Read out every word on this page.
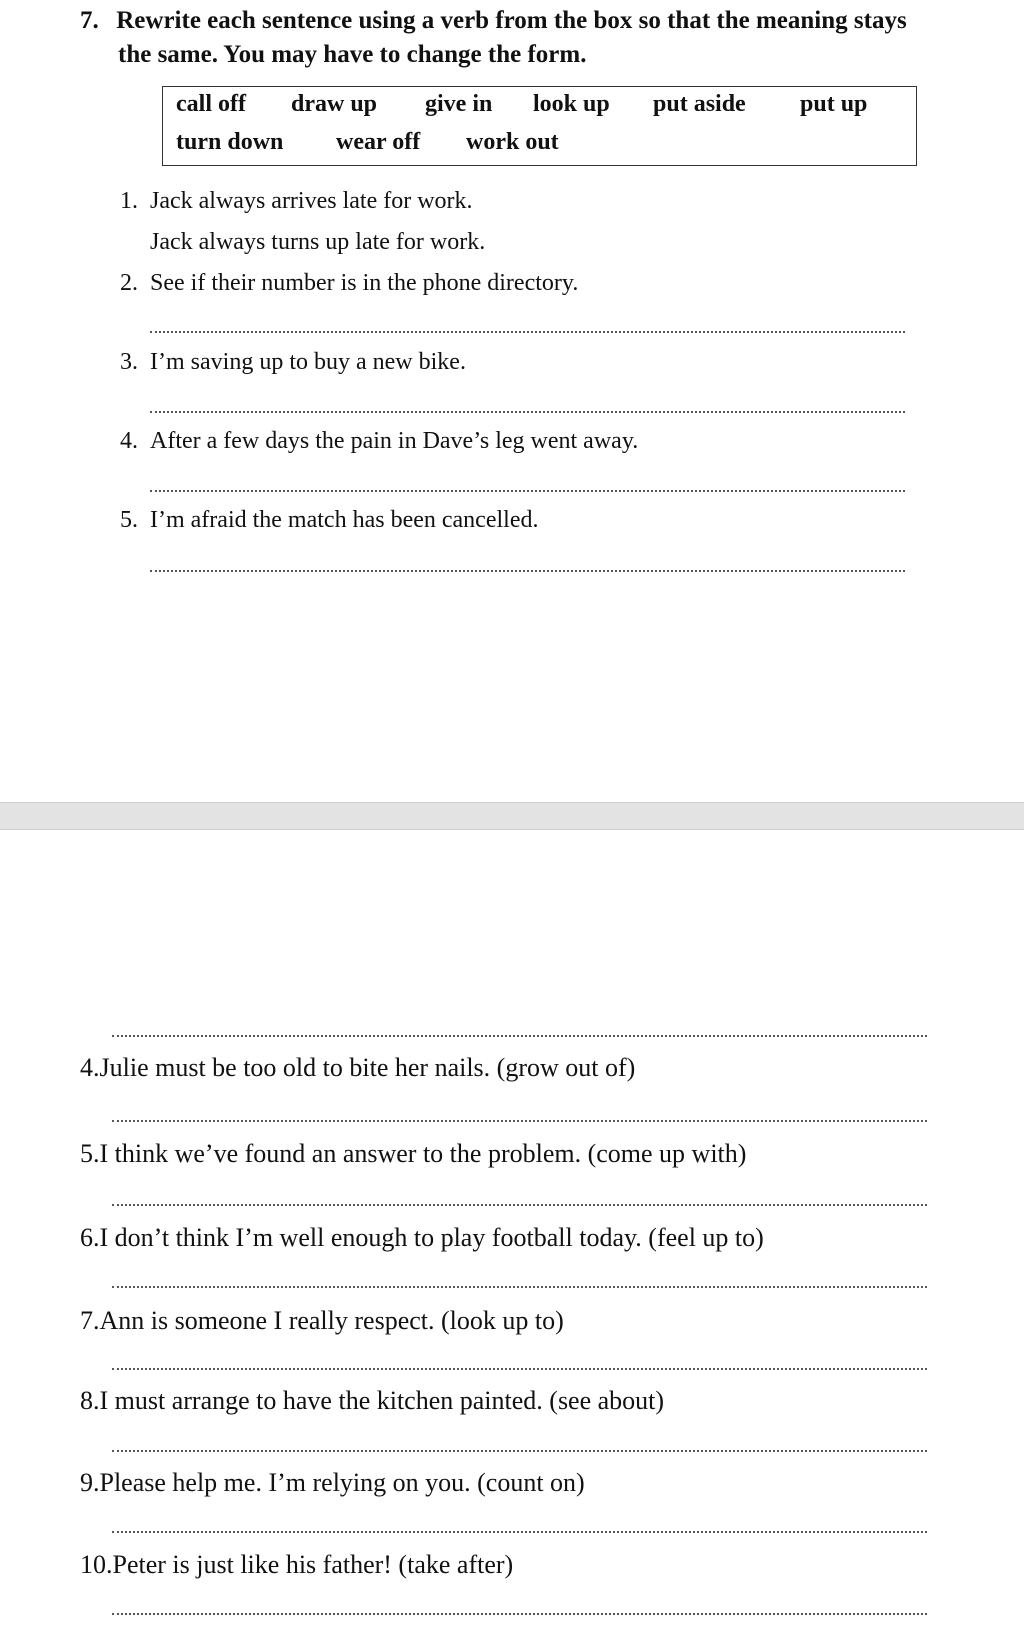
7. Rewrite each sentence using a verb from the box so that the meaning stays
the same. You may have to change the form.
call off draw up give in look up put aside put up
turn down wear off work out
1. Jack always arrives late for work.
Jack always turns up late for work.
2. See if their number is in the phone directory.
3. I’m saving up to buy a new bike.
4. After a few days the pain in Dave’s leg went away.
5. I’m afraid the match has been cancelled.
4.Julie must be too old to bite her nails. (grow out of)
5.I think we’ve found an answer to the problem. (come up with)
6.I don’t think I’m well enough to play football today. (feel up to)
7.Ann is someone I really respect. (look up to)
8.I must arrange to have the kitchen painted. (see about)
9.Please help me. I’m relying on you. (count on)
10.Peter is just like his father! (take after)
